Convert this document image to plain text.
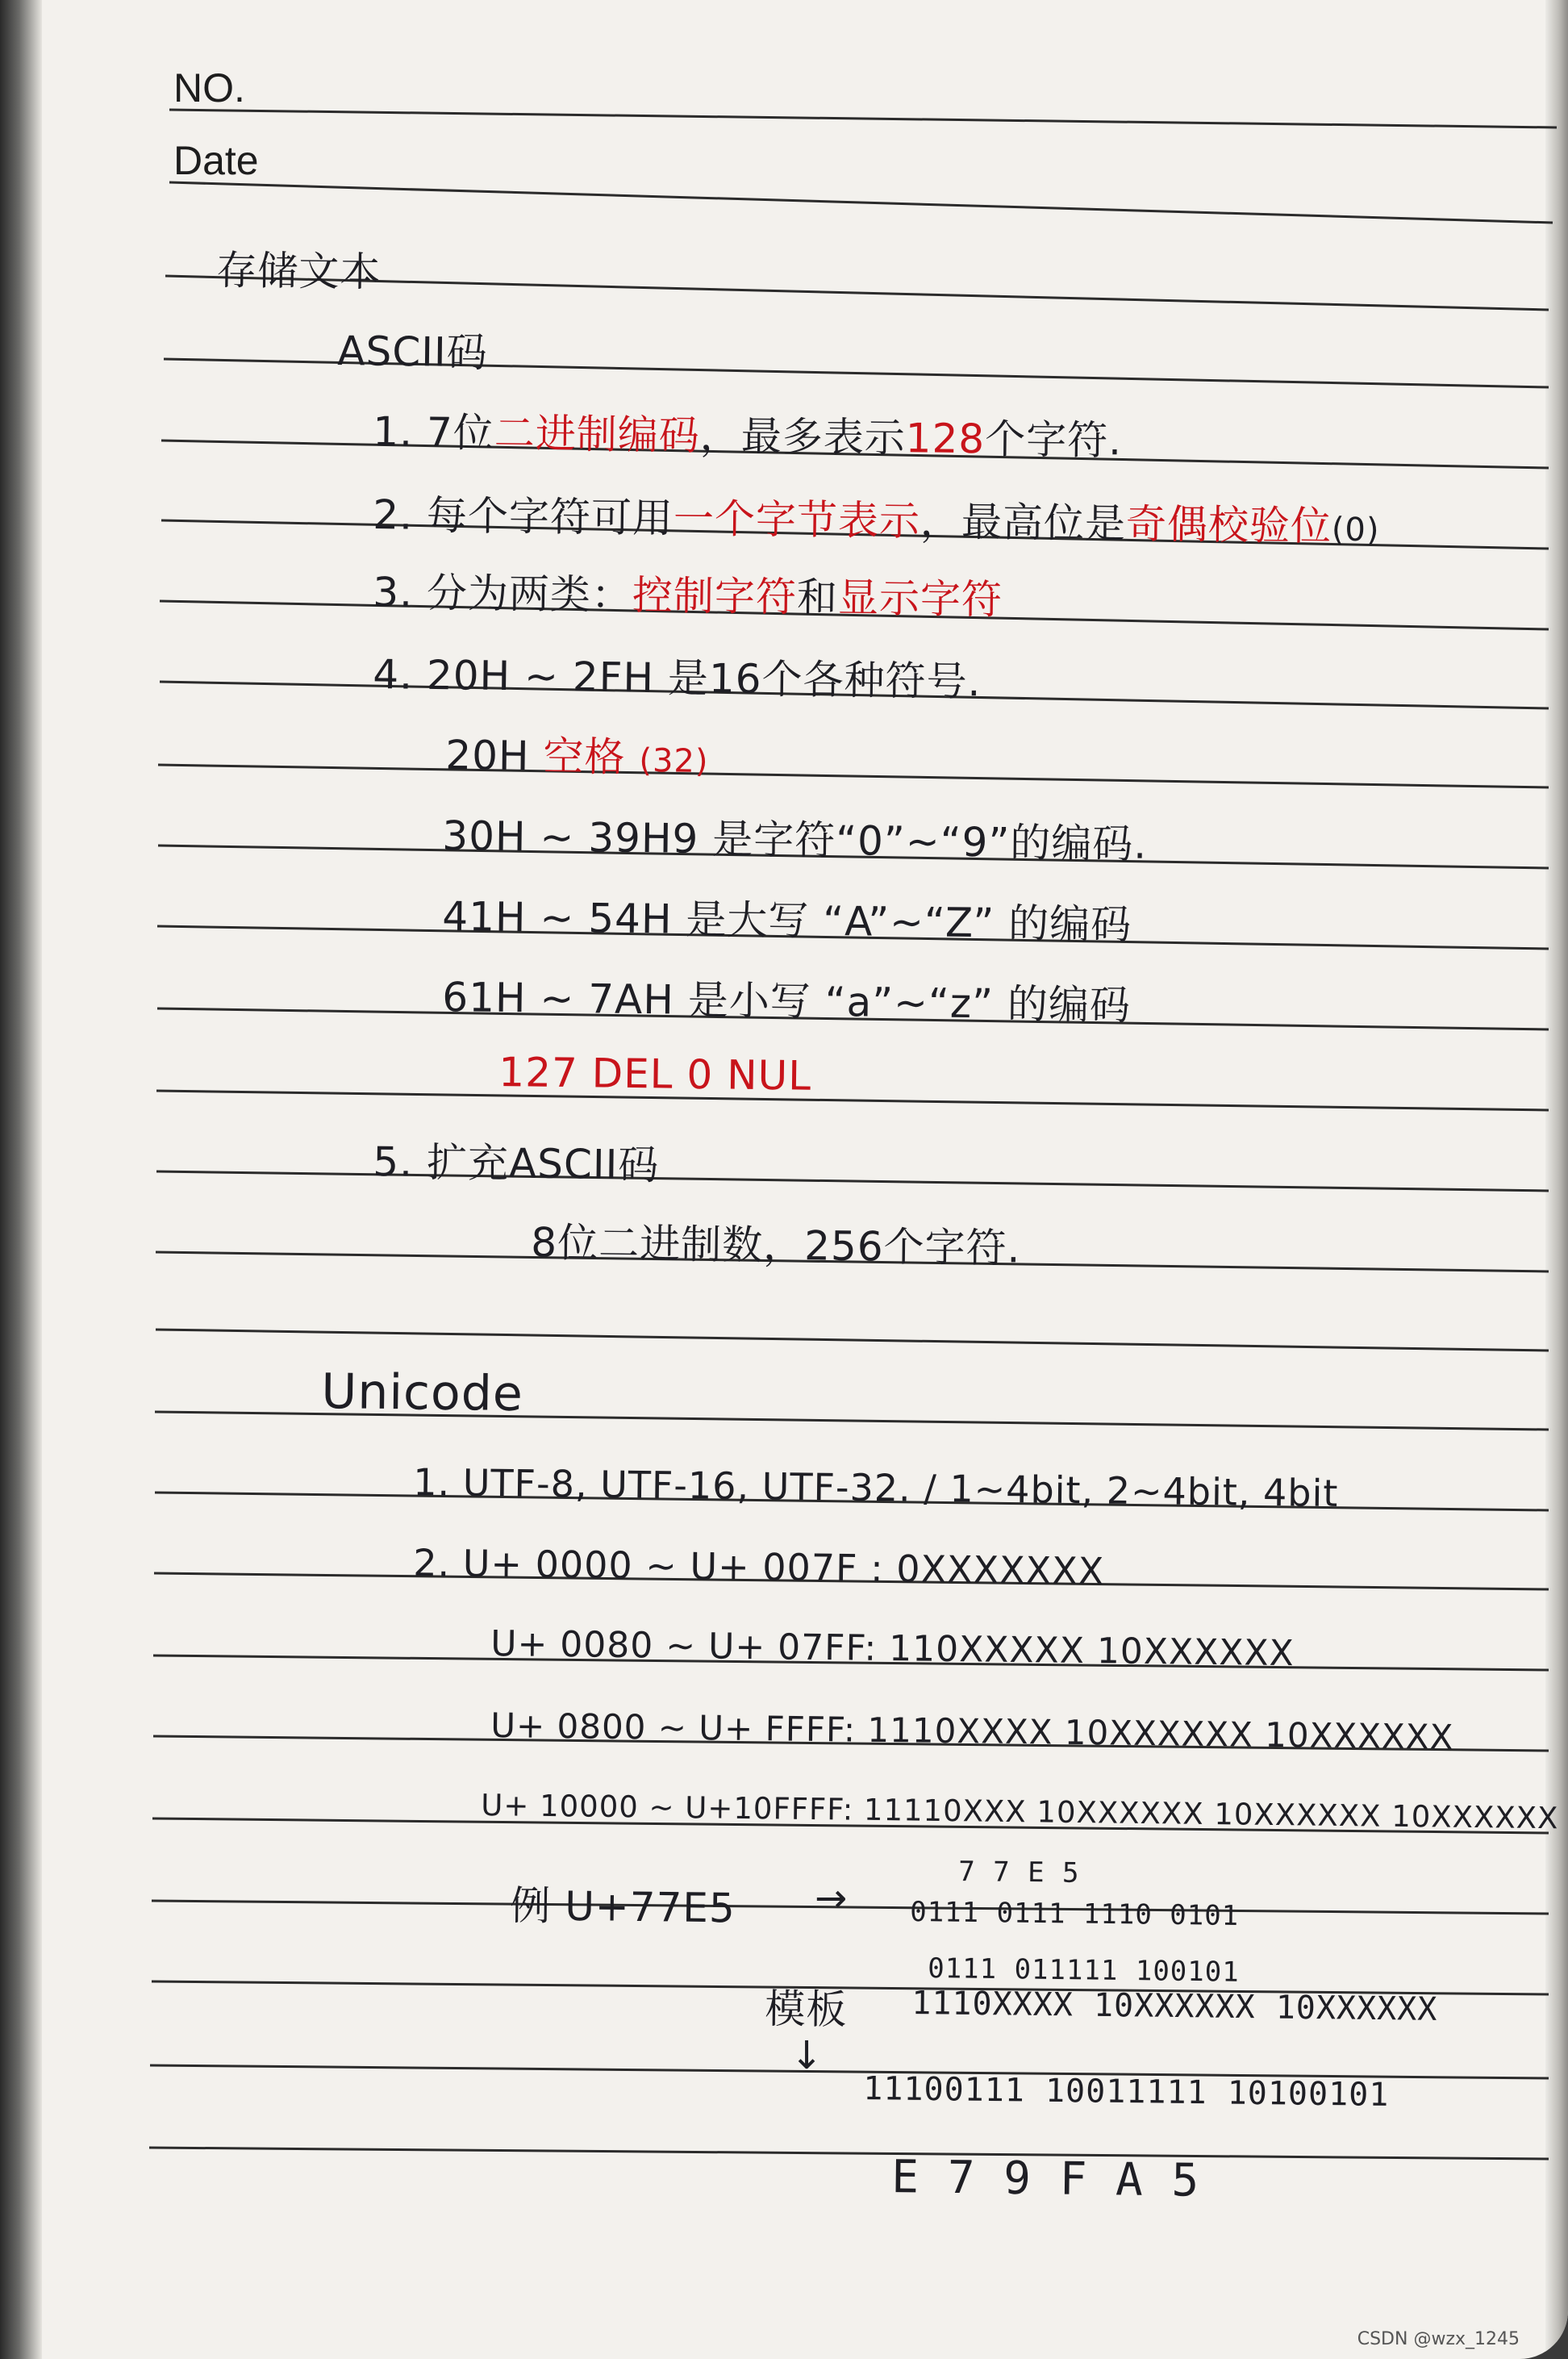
NO.
Date
存储文本
ASCII码
1. 7位二进制编码，最多表示128个字符.
2. 每个字符可用一个字节表示，最高位是奇偶校验位(0)
3. 分为两类：控制字符和显示字符
4. 20H ~ 2FH 是16个各种符号.
20H 空格 (32)
30H ~ 39H9 是字符“0”~“9”的编码.
41H ~ 54H 是大写 “A”~“Z” 的编码
61H ~ 7AH 是小写 “a”~“z” 的编码
127 DEL 0 NUL
5. 扩充ASCII码
8位二进制数，256个字符.
Unicode
1. UTF-8, UTF-16, UTF-32. / 1~4bit, 2~4bit, 4bit
2. U+ 0000 ~ U+ 007F : 0XXXXXXX
U+ 0080 ~ U+ 07FF: 110XXXXX 10XXXXXX
U+ 0800 ~ U+ FFFF: 1110XXXX 10XXXXXX 10XXXXXX
U+ 10000 ~ U+10FFFF: 11110XXX 10XXXXXX 10XXXXXX 10XXXXXX
例 U+77E5 →
7 7 E 5
0111 0111 1110 0101
0111 011111 100101
模板 1110XXXX 10XXXXXX 10XXXXXX
↓
11100111 10011111 10100101
E 7 9 F A 5
CSDN @wzx_1245
